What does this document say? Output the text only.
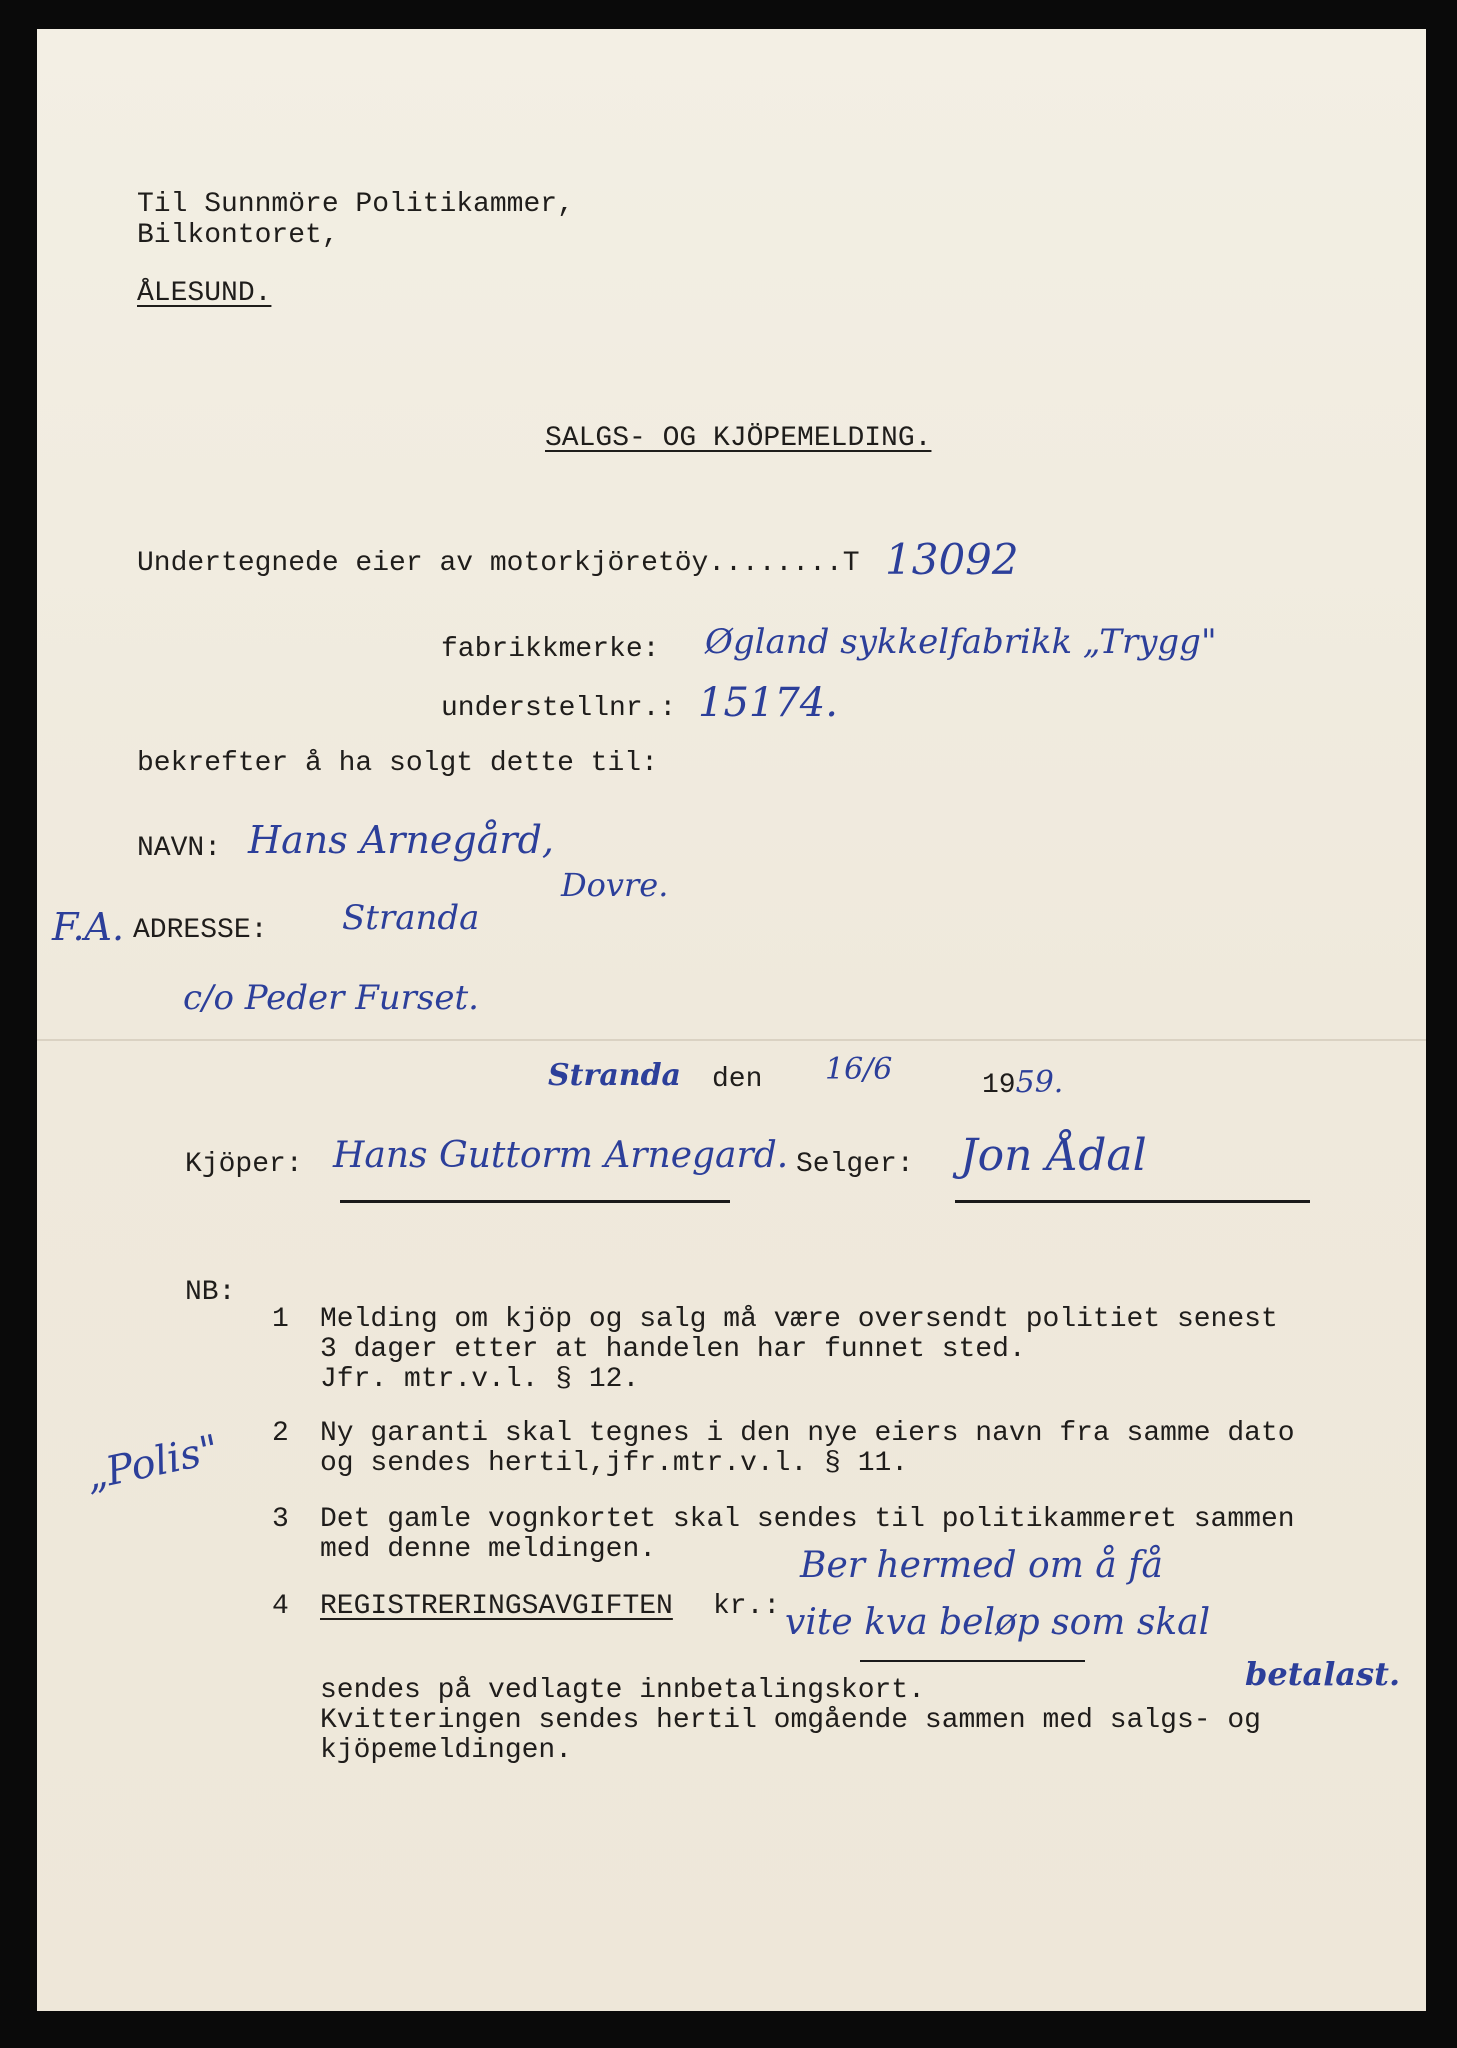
Til Sunnmöre Politikammer,
Bilkontoret,
ÅLESUND.
SALGS- OG KJÖPEMELDING.
Undertegnede eier av motorkjöretöy........T 13092
fabrikkmerke: Øgland sykkelfabrikk „Trygg"
understellnr.: 15174.
bekrefter å ha solgt dette til:
NAVN: Hans Arnegård,
Dovre.
F.A. ADRESSE: Stranda
c/o Peder Furset.
Stranda den 16/6	1959.
Kjöper: Hans Guttorm Arnegard. Selger: Jon Ådal
NB:
1 Melding om kjöp og salg må være oversendt politiet senest
3 dager etter at handelen har funnet sted.
Jfr. mtr.v.l. § 12.
„Polis" 2 Ny garanti skal tegnes i den nye eiers navn fra samme dato
og sendes hertil,jfr.mtr.v.l. § 11.
3 Det gamle vognkortet skal sendes til politikammeret sammen
med denne meldingen.
4 REGISTRERINGSAVGIFTEN kr.:
Ber hermed om å få
vite kva beløp som skal
betalast.
sendes på vedlagte innbetalingskort.
Kvitteringen sendes hertil omgående sammen med salgs- og
kjöpemeldingen.
